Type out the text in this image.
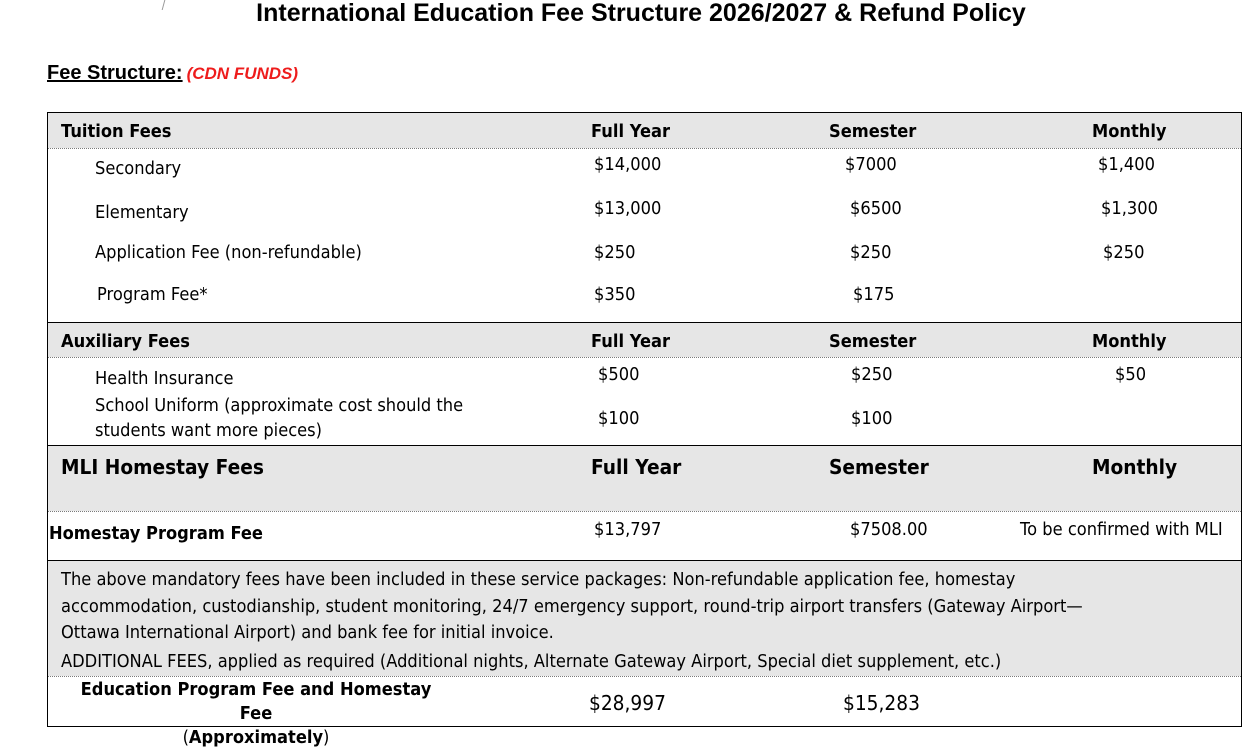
International Education Fee Structure 2026/2027 & Refund Policy
Fee Structure: (CDN FUNDS)
Tuition Fees	Full Year	Semester	Monthly
Secondary	$14,000	$7000	$1,400
Elementary	$13,000	$6500	$1,300
Application Fee (non-refundable)	$250	$250	$250
Program Fee*	$350	$175
Auxiliary Fees	Full Year	Semester	Monthly
Health Insurance	$500	$250	$50
School Uniform (approximate cost should the
students want more pieces)
$100	$100
MLI Homestay Fees	Full Year	Semester	Monthly
Homestay Program Fee	$13,797	$7508.00	To be confirmed with MLI
The above mandatory fees have been included in these service packages: Non-refundable application fee, homestay
accommodation, custodianship, student monitoring, 24/7 emergency support, round-trip airport transfers (Gateway Airport—
Ottawa International Airport) and bank fee for initial invoice.
ADDITIONAL FEES, applied as required (Additional nights, Alternate Gateway Airport, Special diet supplement, etc.)
Education Program Fee and Homestay Fee
(Approximately)
$28,997	$15,283
